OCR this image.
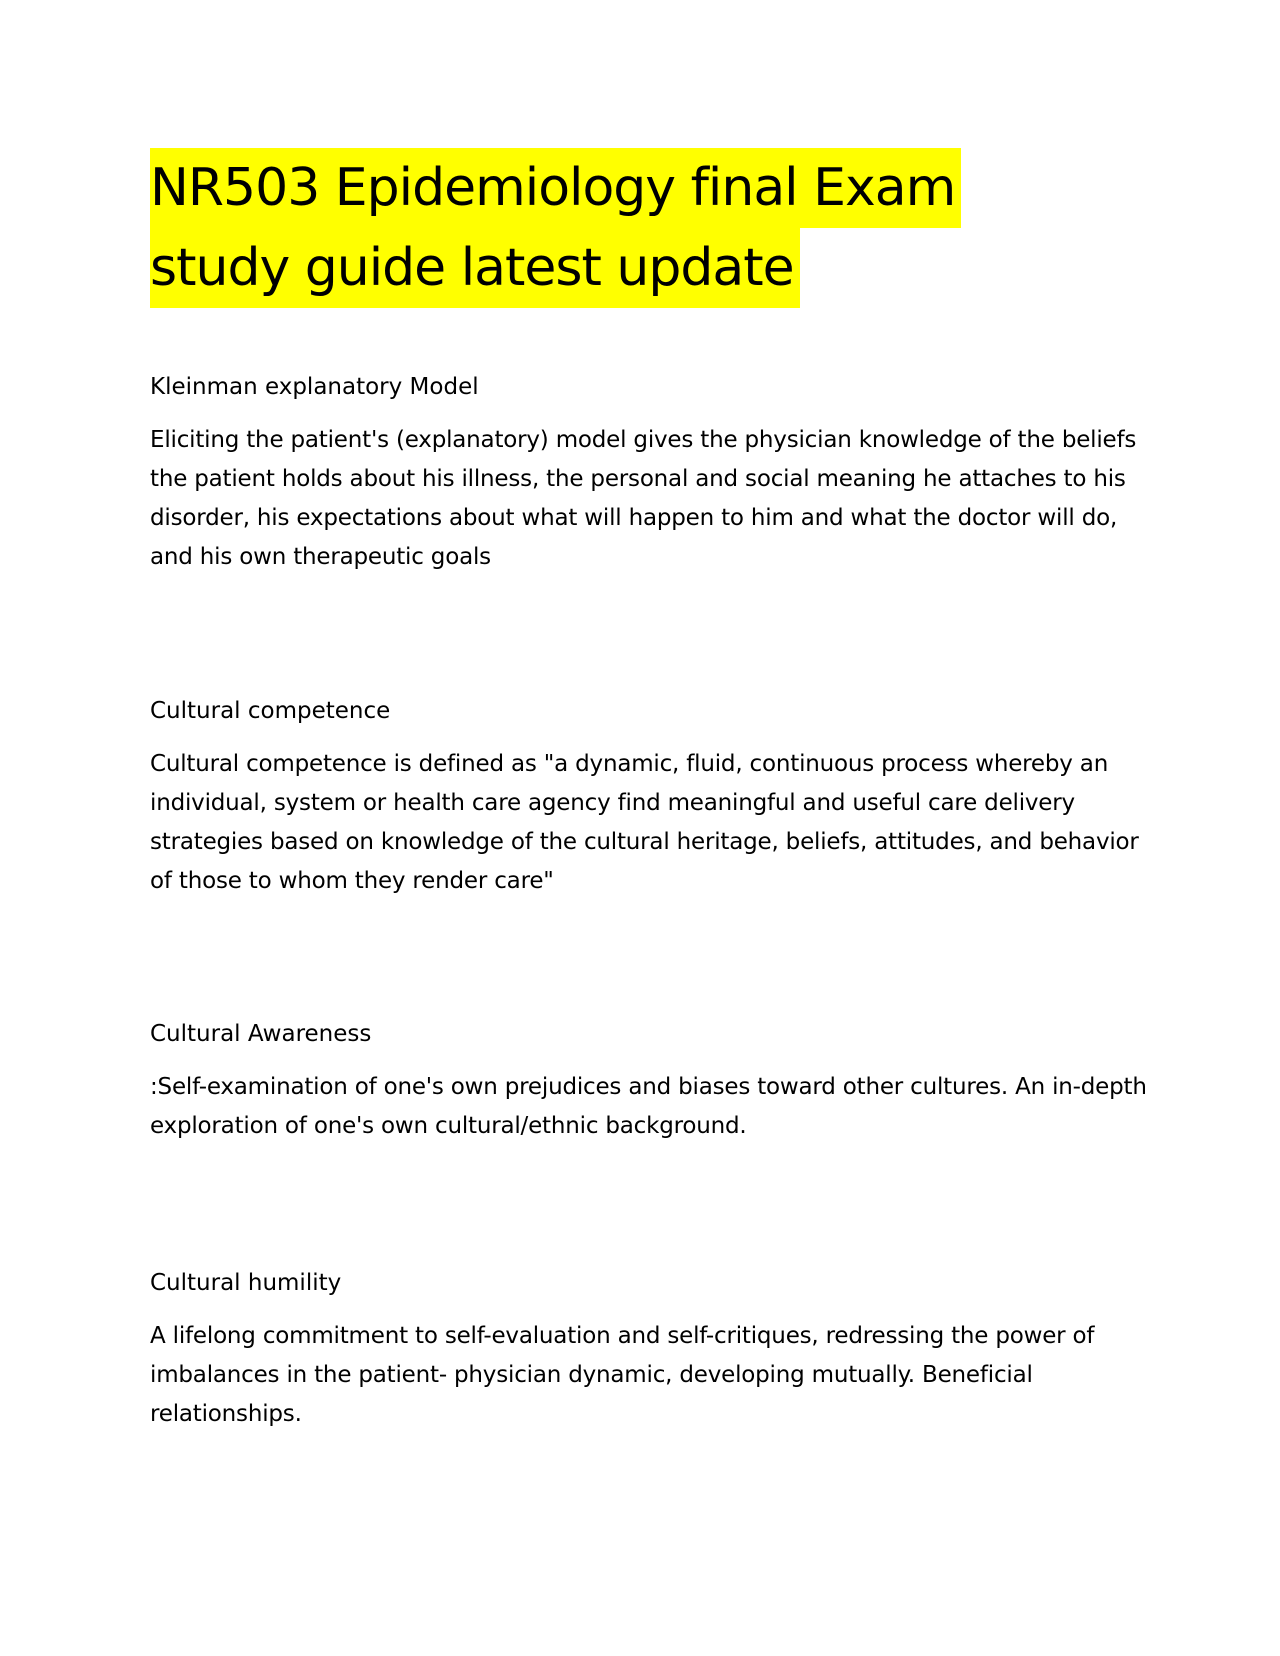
NR503 Epidemiology final Exam
study guide latest update

Kleinman explanatory Model

Eliciting the patient's (explanatory) model gives the physician knowledge of the beliefs the patient holds about his illness, the personal and social meaning he attaches to his disorder, his expectations about what will happen to him and what the doctor will do, and his own therapeutic goals

Cultural competence

Cultural competence is defined as "a dynamic, fluid, continuous process whereby an individual, system or health care agency find meaningful and useful care delivery strategies based on knowledge of the cultural heritage, beliefs, attitudes, and behavior of those to whom they render care"

Cultural Awareness

:Self-examination of one's own prejudices and biases toward other cultures. An in-depth exploration of one's own cultural/ethnic background.

Cultural humility

A lifelong commitment to self-evaluation and self-critiques, redressing the power of imbalances in the patient- physician dynamic, developing mutually. Beneficial relationships.
